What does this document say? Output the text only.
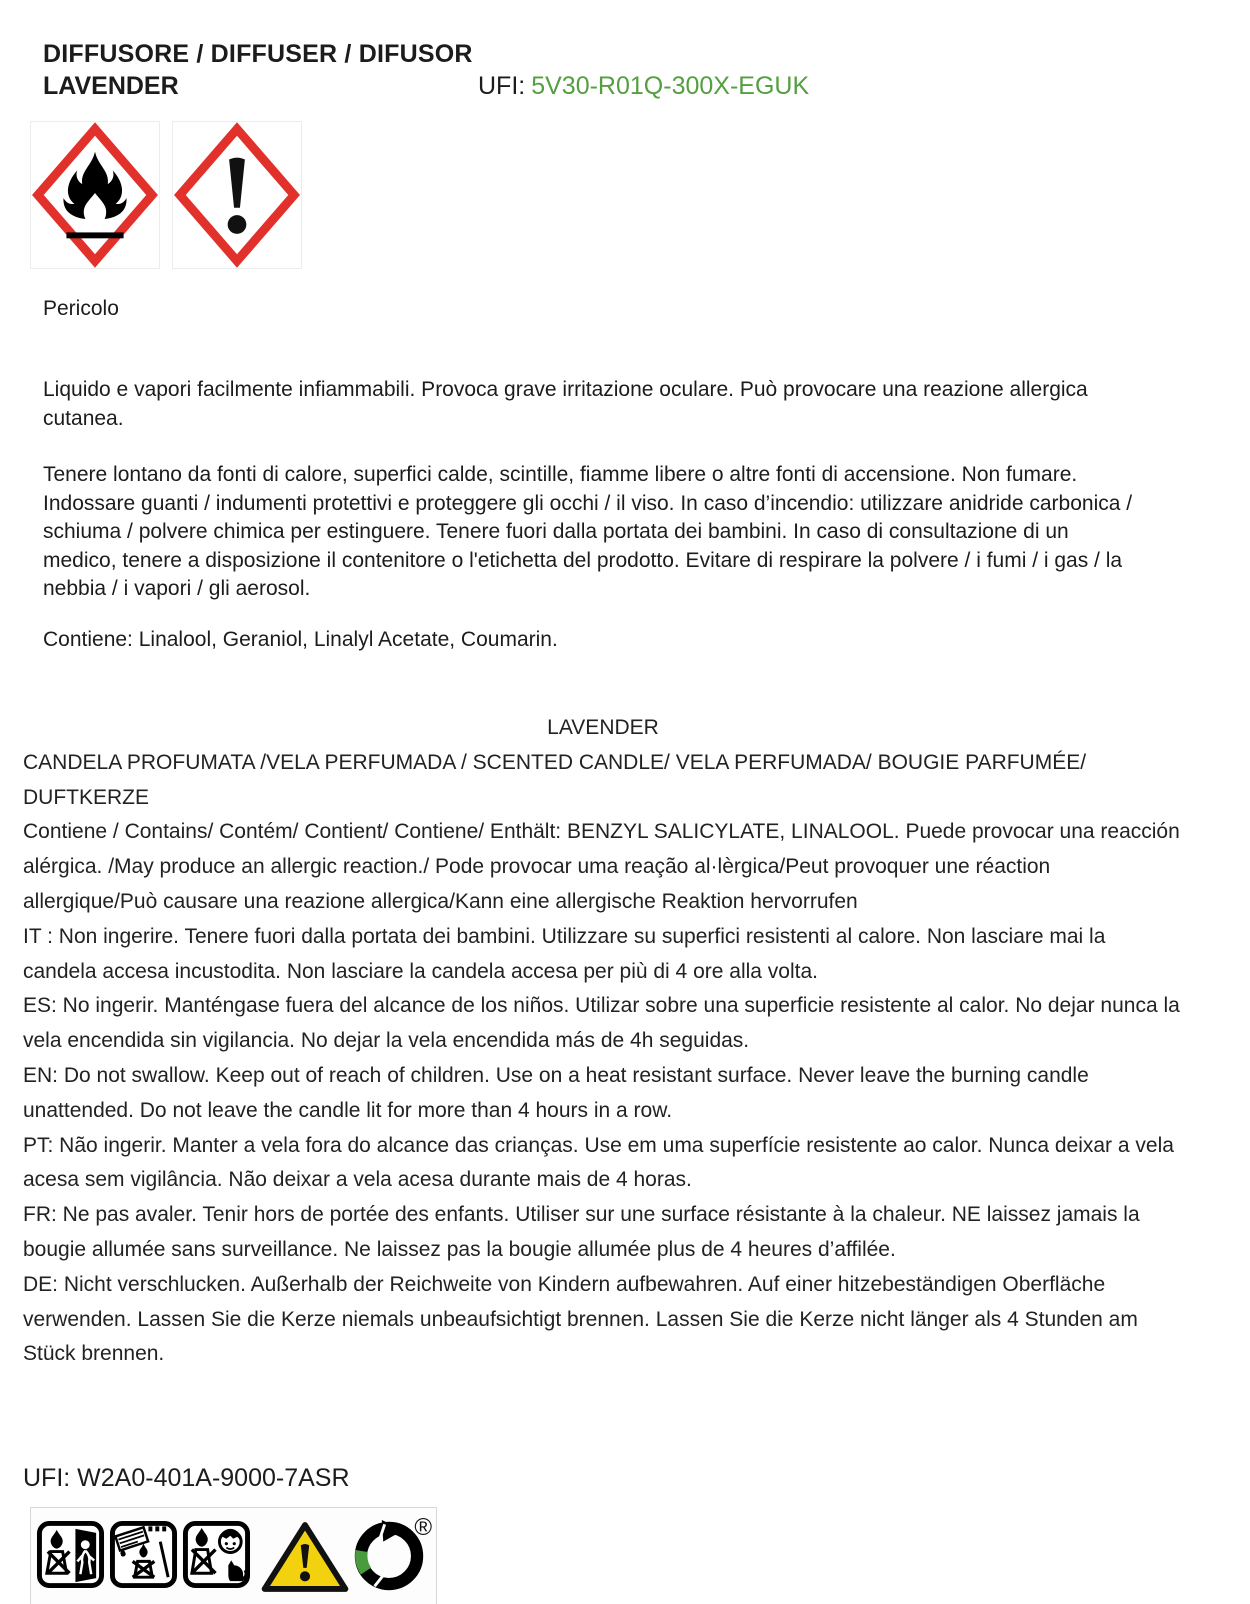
DIFFUSORE / DIFFUSER / DIFUSOR
LAVENDER	UFI: 5V30-R01Q-300X-EGUK
Pericolo

Liquido e vapori facilmente infiammabili. Provoca grave irritazione oculare. Può provocare una reazione allergica cutanea.

Tenere lontano da fonti di calore, superfici calde, scintille, fiamme libere o altre fonti di accensione. Non fumare. Indossare guanti / indumenti protettivi e proteggere gli occhi / il viso. In caso d’incendio: utilizzare anidride carbonica / schiuma / polvere chimica per estinguere. Tenere fuori dalla portata dei bambini. In caso di consultazione di un medico, tenere a disposizione il contenitore o l'etichetta del prodotto. Evitare di respirare la polvere / i fumi / i gas / la nebbia / i vapori / gli aerosol.

Contiene: Linalool, Geraniol, Linalyl Acetate, Coumarin.

LAVENDER

CANDELA PROFUMATA /VELA PERFUMADA / SCENTED CANDLE/ VELA PERFUMADA/ BOUGIE PARFUMÉE/ DUFTKERZE

Contiene / Contains/ Contém/ Contient/ Contiene/ Enthält: BENZYL SALICYLATE, LINALOOL. Puede provocar una reacción alérgica. /May produce an allergic reaction./ Pode provocar uma reação al·lèrgica/Peut provoquer une réaction allergique/Può causare una reazione allergica/Kann eine allergische Reaktion hervorrufen

IT : Non ingerire. Tenere fuori dalla portata dei bambini. Utilizzare su superfici resistenti al calore. Non lasciare mai la candela accesa incustodita. Non lasciare la candela accesa per più di 4 ore alla volta.

ES: No ingerir. Manténgase fuera del alcance de los niños. Utilizar sobre una superficie resistente al calor. No dejar nunca la vela encendida sin vigilancia. No dejar la vela encendida más de 4h seguidas.

EN: Do not swallow. Keep out of reach of children. Use on a heat resistant surface. Never leave the burning candle unattended. Do not leave the candle lit for more than 4 hours in a row.

PT: Não ingerir. Manter a vela fora do alcance das crianças. Use em uma superfície resistente ao calor. Nunca deixar a vela acesa sem vigilância. Não deixar a vela acesa durante mais de 4 horas.

FR: Ne pas avaler. Tenir hors de portée des enfants. Utiliser sur une surface résistante à la chaleur. NE laissez jamais la bougie allumée sans surveillance. Ne laissez pas la bougie allumée plus de 4 heures d’affilée.

DE: Nicht verschlucken. Außerhalb der Reichweite von Kindern aufbewahren. Auf einer hitzebeständigen Oberfläche verwenden. Lassen Sie die Kerze niemals unbeaufsichtigt brennen. Lassen Sie die Kerze nicht länger als 4 Stunden am Stück brennen.

UFI: W2A0-401A-9000-7ASR
®
